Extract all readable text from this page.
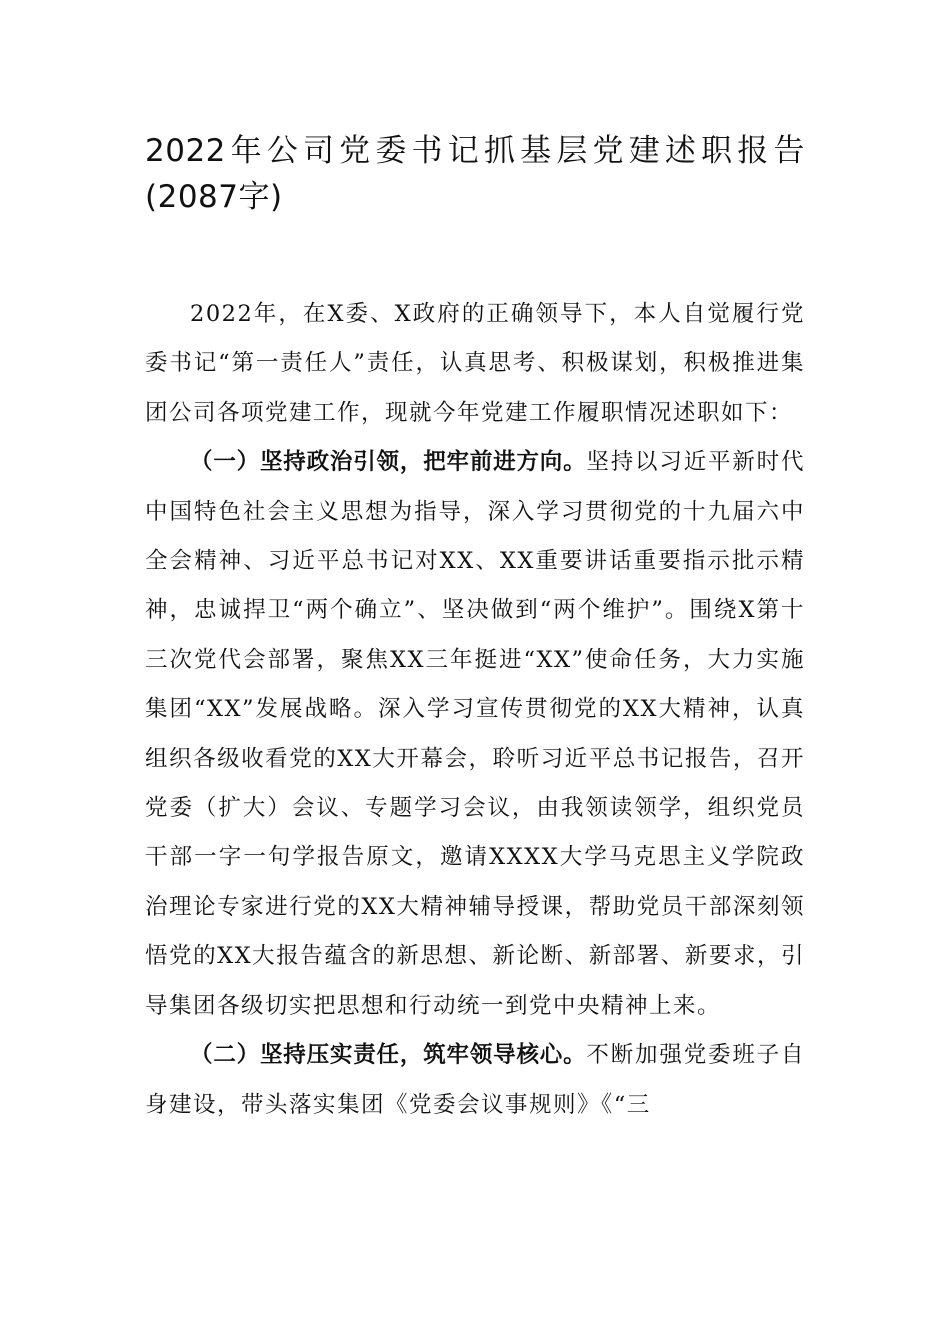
2022年公司党委书记抓基层党建述职报告(2087字)

2022年，在X委、X政府的正确领导下，本人自觉履行党委书记“第一责任人”责任，认真思考、积极谋划，积极推进集团公司各项党建工作，现就今年党建工作履职情况述职如下：

（一）坚持政治引领，把牢前进方向。坚持以习近平新时代中国特色社会主义思想为指导，深入学习贯彻党的十九届六中全会精神、习近平总书记对XX、XX重要讲话重要指示批示精神，忠诚捍卫“两个确立”、坚决做到“两个维护”。围绕X第十三次党代会部署，聚焦XX三年挺进“XX”使命任务，大力实施集团“XX”发展战略。深入学习宣传贯彻党的XX大精神，认真组织各级收看党的XX大开幕会，聆听习近平总书记报告，召开党委（扩大）会议、专题学习会议，由我领读领学，组织党员干部一字一句学报告原文，邀请XXXX大学马克思主义学院政治理论专家进行党的XX大精神辅导授课，帮助党员干部深刻领悟党的XX大报告蕴含的新思想、新论断、新部署、新要求，引导集团各级切实把思想和行动统一到党中央精神上来。

（二）坚持压实责任，筑牢领导核心。不断加强党委班子自身建设，带头落实集团《党委会议事规则》《“三
